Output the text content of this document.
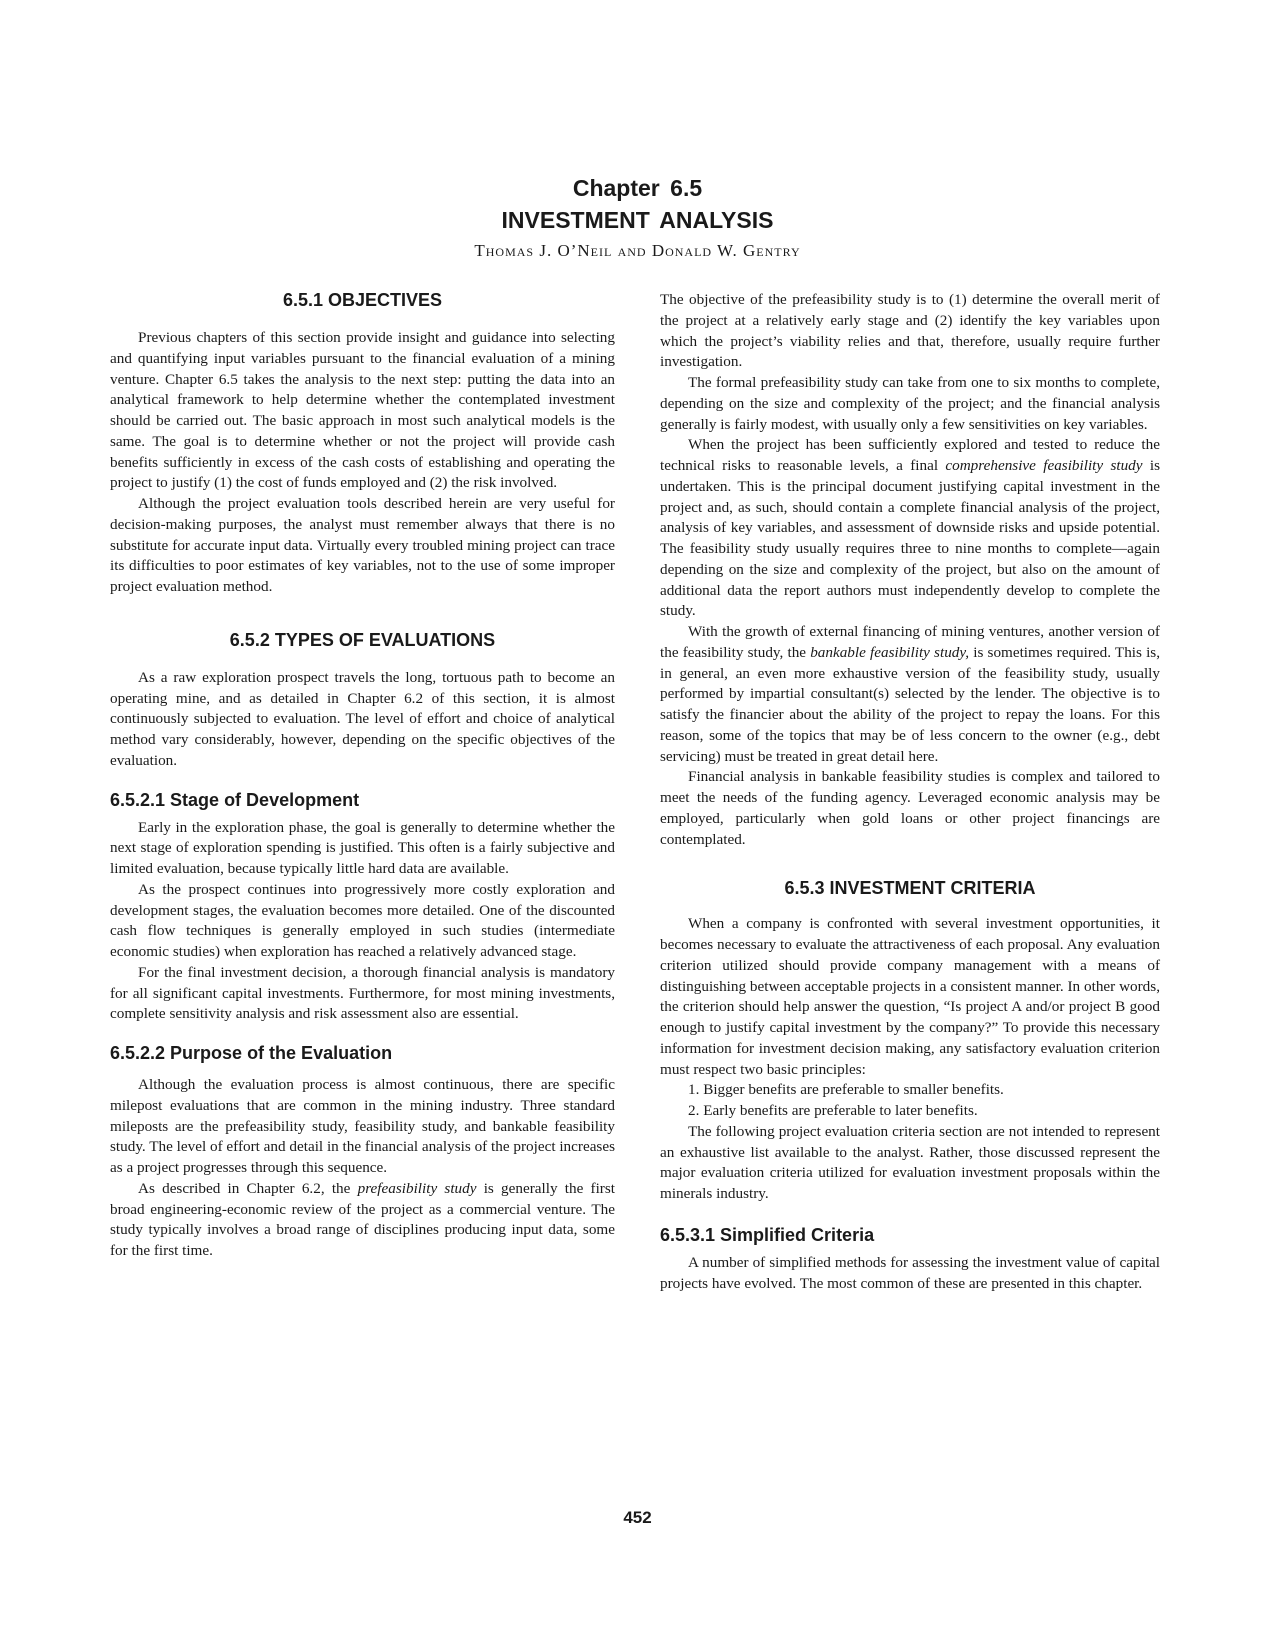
Chapter 6.5
INVESTMENT ANALYSIS
Thomas J. O’Neil and Donald W. Gentry
6.5.1 OBJECTIVES

Previous chapters of this section provide insight and guidance into selecting and quantifying input variables pursuant to the financial evaluation of a mining venture. Chapter 6.5 takes the analysis to the next step: putting the data into an analytical framework to help determine whether the contemplated investment should be carried out. The basic approach in most such analytical models is the same. The goal is to determine whether or not the project will provide cash benefits sufficiently in excess of the cash costs of establishing and operating the project to justify (1) the cost of funds employed and (2) the risk involved.

Although the project evaluation tools described herein are very useful for decision-making purposes, the analyst must remember always that there is no substitute for accurate input data. Virtually every troubled mining project can trace its difficulties to poor estimates of key variables, not to the use of some improper project evaluation method.

6.5.2 TYPES OF EVALUATIONS

As a raw exploration prospect travels the long, tortuous path to become an operating mine, and as detailed in Chapter 6.2 of this section, it is almost continuously subjected to evaluation. The level of effort and choice of analytical method vary considerably, however, depending on the specific objectives of the evaluation.

6.5.2.1 Stage of Development

Early in the exploration phase, the goal is generally to determine whether the next stage of exploration spending is justified. This often is a fairly subjective and limited evaluation, because typically little hard data are available.

As the prospect continues into progressively more costly exploration and development stages, the evaluation becomes more detailed. One of the discounted cash flow techniques is generally employed in such studies (intermediate economic studies) when exploration has reached a relatively advanced stage.

For the final investment decision, a thorough financial analysis is mandatory for all significant capital investments. Furthermore, for most mining investments, complete sensitivity analysis and risk assessment also are essential.

6.5.2.2 Purpose of the Evaluation

Although the evaluation process is almost continuous, there are specific milepost evaluations that are common in the mining industry. Three standard mileposts are the prefeasibility study, feasibility study, and bankable feasibility study. The level of effort and detail in the financial analysis of the project increases as a project progresses through this sequence.

As described in Chapter 6.2, the prefeasibility study is generally the first broad engineering-economic review of the project as a commercial venture. The study typically involves a broad range of disciplines producing input data, some for the first time.

The objective of the prefeasibility study is to (1) determine the overall merit of the project at a relatively early stage and (2) identify the key variables upon which the project’s viability relies and that, therefore, usually require further investigation.

The formal prefeasibility study can take from one to six months to complete, depending on the size and complexity of the project; and the financial analysis generally is fairly modest, with usually only a few sensitivities on key variables.

When the project has been sufficiently explored and tested to reduce the technical risks to reasonable levels, a final comprehensive feasibility study is undertaken. This is the principal document justifying capital investment in the project and, as such, should contain a complete financial analysis of the project, analysis of key variables, and assessment of downside risks and upside potential. The feasibility study usually requires three to nine months to complete—again depending on the size and complexity of the project, but also on the amount of additional data the report authors must independently develop to complete the study.

With the growth of external financing of mining ventures, another version of the feasibility study, the bankable feasibility study, is sometimes required. This is, in general, an even more exhaustive version of the feasibility study, usually performed by impartial consultant(s) selected by the lender. The objective is to satisfy the financier about the ability of the project to repay the loans. For this reason, some of the topics that may be of less concern to the owner (e.g., debt servicing) must be treated in great detail here.

Financial analysis in bankable feasibility studies is complex and tailored to meet the needs of the funding agency. Leveraged economic analysis may be employed, particularly when gold loans or other project financings are contemplated.

6.5.3 INVESTMENT CRITERIA

When a company is confronted with several investment opportunities, it becomes necessary to evaluate the attractiveness of each proposal. Any evaluation criterion utilized should provide company management with a means of distinguishing between acceptable projects in a consistent manner. In other words, the criterion should help answer the question, “Is project A and/or project B good enough to justify capital investment by the company?” To provide this necessary information for investment decision making, any satisfactory evaluation criterion must respect two basic principles:

1. Bigger benefits are preferable to smaller benefits.

2. Early benefits are preferable to later benefits.

The following project evaluation criteria section are not intended to represent an exhaustive list available to the analyst. Rather, those discussed represent the major evaluation criteria utilized for evaluation investment proposals within the minerals industry.

6.5.3.1 Simplified Criteria

A number of simplified methods for assessing the investment value of capital projects have evolved. The most common of these are presented in this chapter.

452
